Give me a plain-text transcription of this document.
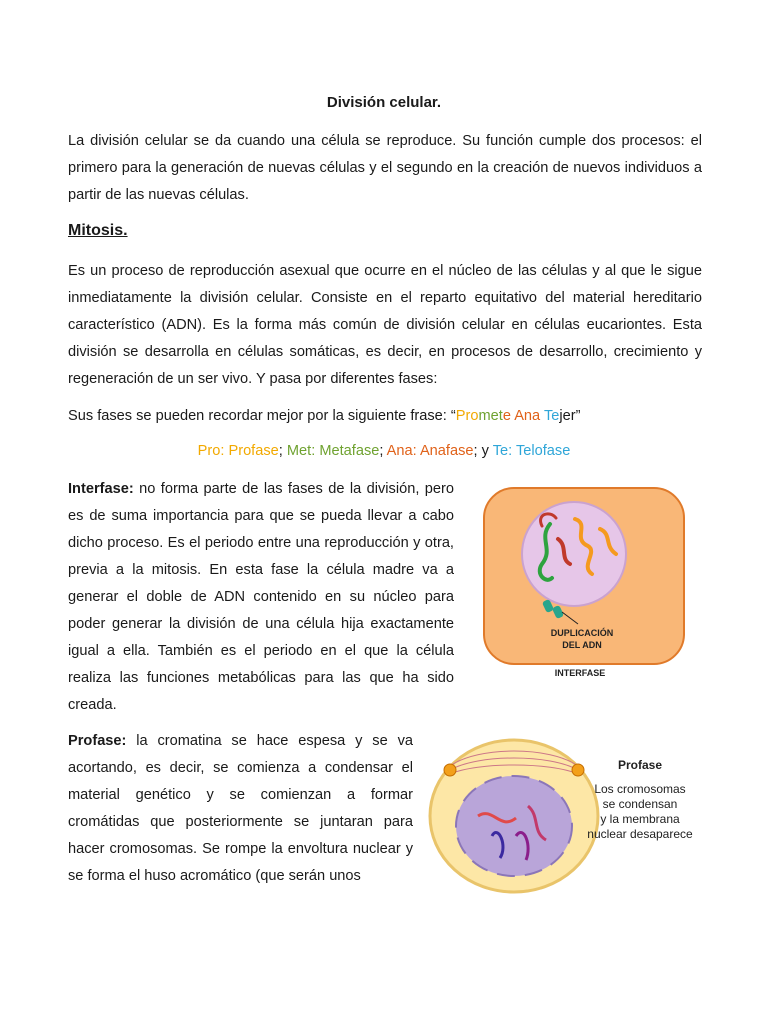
División celular.
La división celular se da cuando una célula se reproduce. Su función cumple dos procesos: el primero para la generación de nuevas células y el segundo en la creación de nuevos individuos a partir de las nuevas células.
Mitosis.
Es un proceso de reproducción asexual que ocurre en el núcleo de las células y al que le sigue inmediatamente la división celular. Consiste en el reparto equitativo del material hereditario característico (ADN). Es la forma más común de división celular en células eucariontes. Esta división se desarrolla en células somáticas, es decir, en procesos de desarrollo, crecimiento y regeneración de un ser vivo. Y pasa por diferentes fases:
Sus fases se pueden recordar mejor por la siguiente frase: “Promete Ana Tejer”
Pro: Profase; Met: Metafase; Ana: Anafase; y Te: Telofase
Interfase: no forma parte de las fases de la división, pero es de suma importancia para que se pueda llevar a cabo dicho proceso. Es el periodo entre una reproducción y otra, previa a la mitosis. En esta fase la célula madre va a generar el doble de ADN contenido en su núcleo para poder generar la división de una célula hija exactamente igual a ella. También es el periodo en el que la célula realiza las funciones metabólicas para las que ha sido creada.
DUPLICACIÓN
DEL ADN
INTERFASE
Profase: la cromatina se hace espesa y se va acortando, es decir, se comienza a condensar el material genético y se comienzan a formar cromátidas que posteriormente se juntaran para hacer cromosomas. Se rompe la envoltura nuclear y se forma el huso acromático (que serán unos
Profase
Los cromosomas
se condensan
y la membrana
nuclear desaparece
